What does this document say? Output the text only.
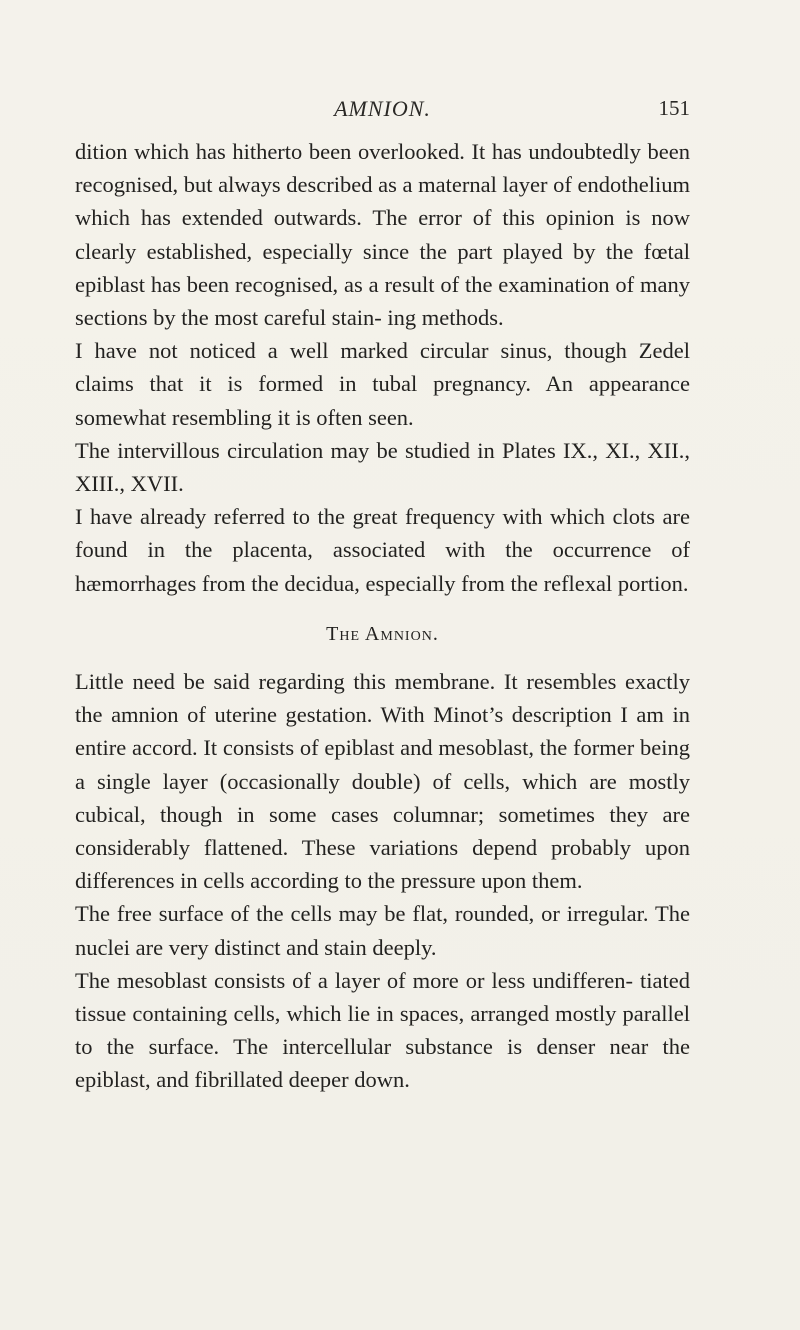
AMNION.	151

dition which has hitherto been overlooked. It has undoubtedly been recognised, but always described as a maternal layer of endothelium which has extended outwards. The error of this opinion is now clearly established, especially since the part played by the fœtal epiblast has been recognised, as a result of the examination of many sections by the most careful stain- ing methods.

I have not noticed a well marked circular sinus, though Zedel claims that it is formed in tubal pregnancy. An appearance somewhat resembling it is often seen.

The intervillous circulation may be studied in Plates IX., XI., XII., XIII., XVII.

I have already referred to the great frequency with which clots are found in the placenta, associated with the occurrence of hæmorrhages from the decidua, especially from the reflexal portion.

The Amnion.

Little need be said regarding this membrane. It resembles exactly the amnion of uterine gestation. With Minot’s description I am in entire accord. It consists of epiblast and mesoblast, the former being a single layer (occasionally double) of cells, which are mostly cubical, though in some cases columnar; sometimes they are considerably flattened. These variations depend probably upon differences in cells according to the pressure upon them.

The free surface of the cells may be flat, rounded, or irregular. The nuclei are very distinct and stain deeply.

The mesoblast consists of a layer of more or less undifferen- tiated tissue containing cells, which lie in spaces, arranged mostly parallel to the surface. The intercellular substance is denser near the epiblast, and fibrillated deeper down.
